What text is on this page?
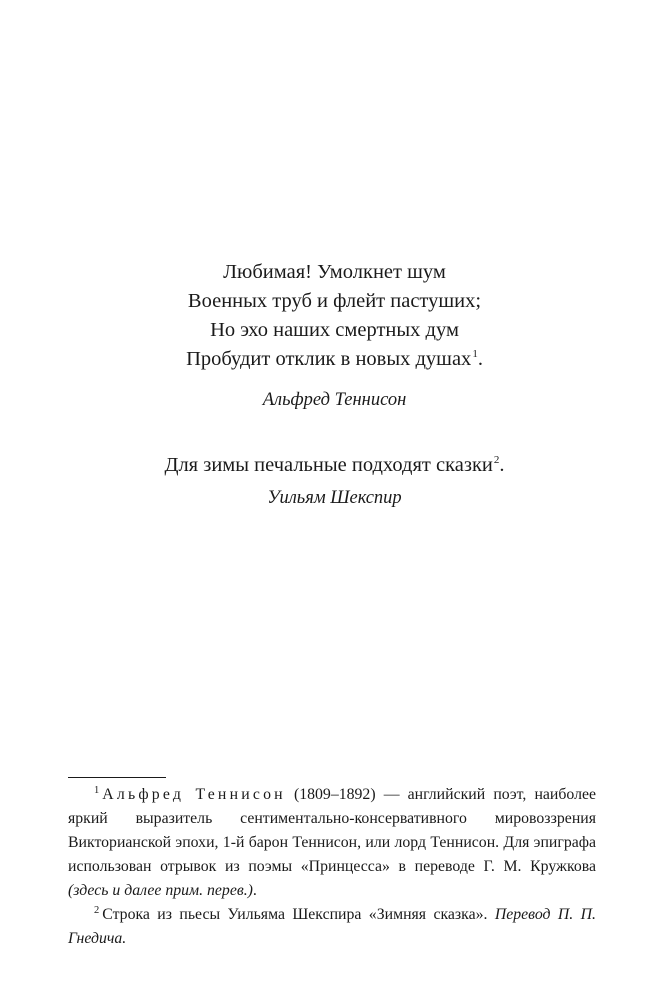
Любимая! Умолкнет шум
Военных труб и флейт пастуших;
Но эхо наших смертных дум
Пробудит отклик в новых душах$^1$.
Альфред Теннисон
Для зимы печальные подходят сказки$^2$.
Уильям Шекспир

$^1$ Альфред Теннисон (1809–1892) — английский поэт, наиболее яркий выразитель сентиментально-консервативного мировоззрения Викторианской эпохи, 1-й барон Теннисон, или лорд Теннисон. Для эпиграфа использован отрывок из поэмы «Принцесса» в переводе Г. М. Кружкова (здесь и далее прим. перев.).

$^2$ Строка из пьесы Уильяма Шекспира «Зимняя сказка». Перевод П. П. Гнедича.
